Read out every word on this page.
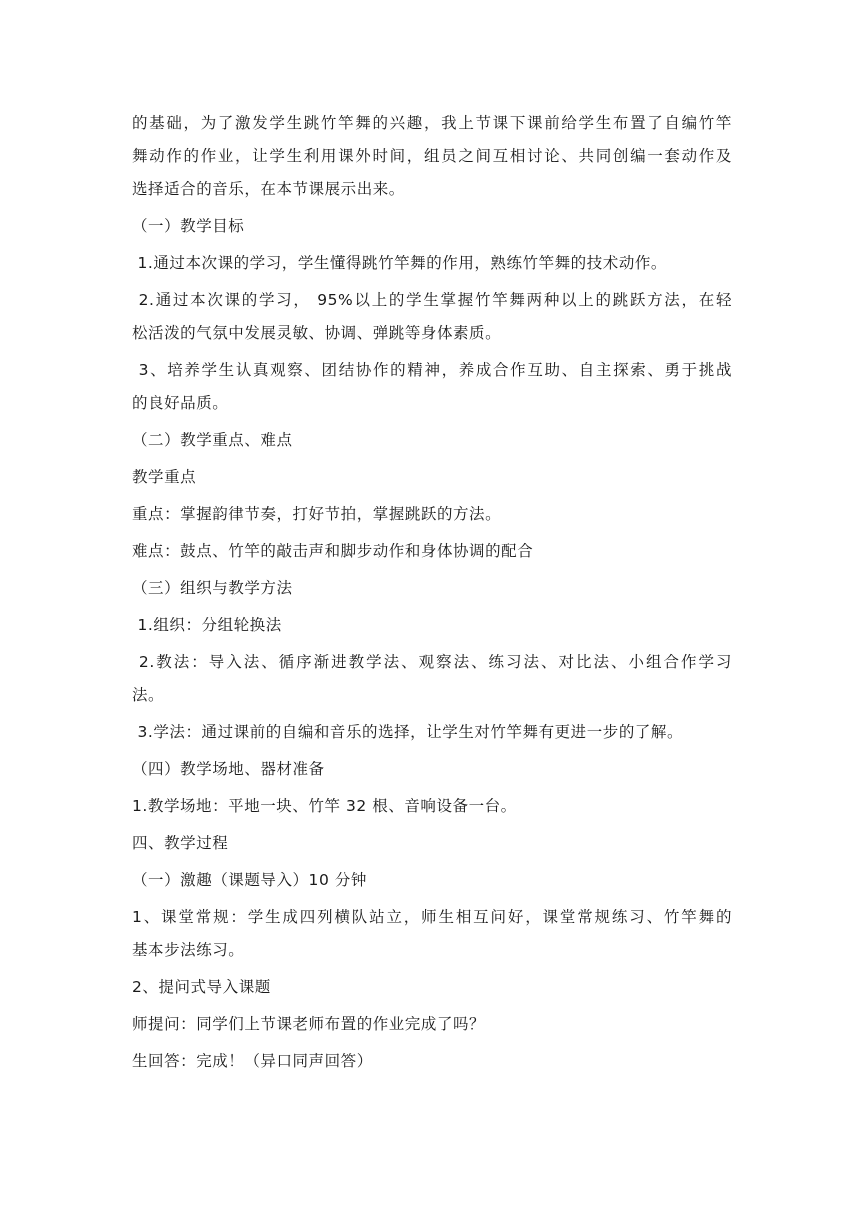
的基础，为了激发学生跳竹竿舞的兴趣，我上节课下课前给学生布置了自编竹竿

舞动作的作业，让学生利用课外时间，组员之间互相讨论、共同创编一套动作及

选择适合的音乐，在本节课展示出来。

（一）教学目标

1.通过本次课的学习，学生懂得跳竹竿舞的作用，熟练竹竿舞的技术动作。

2.通过本次课的学习， 95%以上的学生掌握竹竿舞两种以上的跳跃方法，在轻

松活泼的气氛中发展灵敏、协调、弹跳等身体素质。

3、培养学生认真观察、团结协作的精神，养成合作互助、自主探索、勇于挑战

的良好品质。

（二）教学重点、难点

教学重点

重点：掌握韵律节奏，打好节拍，掌握跳跃的方法。

难点：鼓点、竹竿的敲击声和脚步动作和身体协调的配合

（三）组织与教学方法

1.组织：分组轮换法

2.教法：导入法、循序渐进教学法、观察法、练习法、对比法、小组合作学习

法。

3.学法：通过课前的自编和音乐的选择，让学生对竹竿舞有更进一步的了解。

（四）教学场地、器材准备

1.教学场地：平地一块、竹竿 32 根、音响设备一台。

四、教学过程

（一）激趣（课题导入）10 分钟

1、课堂常规：学生成四列横队站立，师生相互问好，课堂常规练习、竹竿舞的

基本步法练习。

2、提问式导入课题

师提问：同学们上节课老师布置的作业完成了吗？

生回答：完成！（异口同声回答）
